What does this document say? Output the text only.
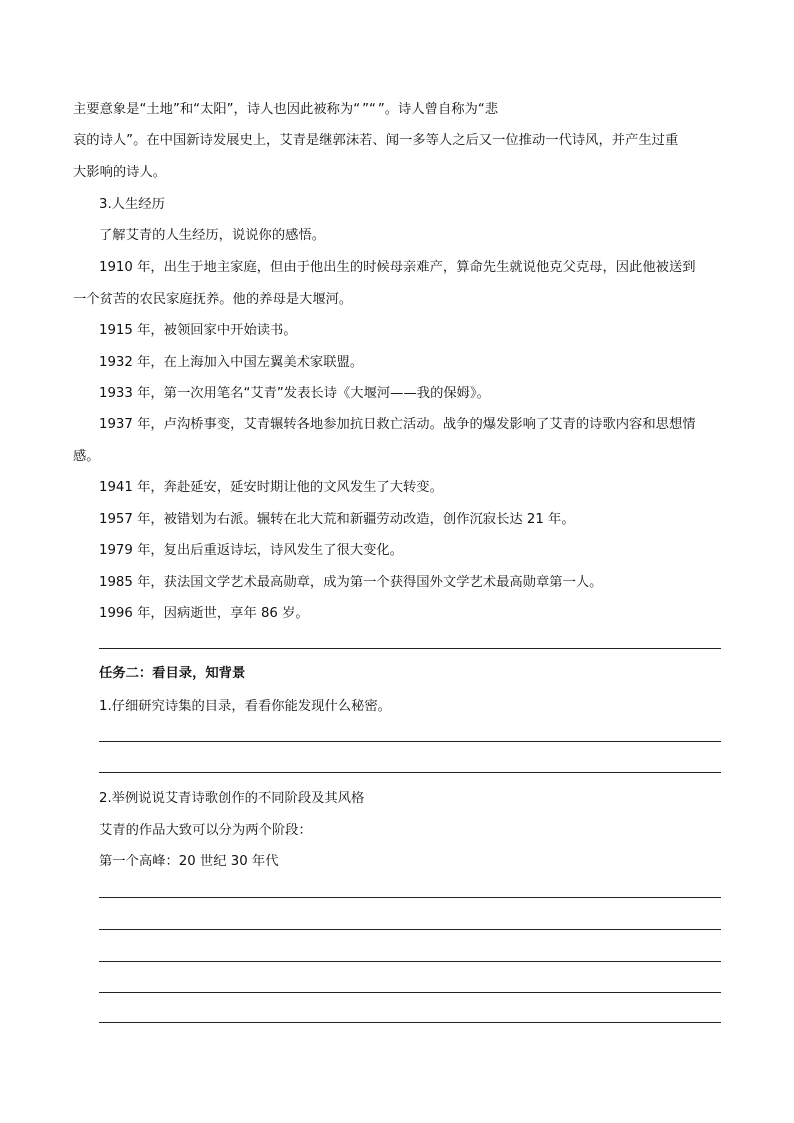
主要意象是“土地”和“太阳”，诗人也因此被称为“ ”“ ”。诗人曾自称为“悲
哀的诗人”。在中国新诗发展史上，艾青是继郭沫若、闻一多等人之后又一位推动一代诗风，并产生过重
大影响的诗人。
3.人生经历
了解艾青的人生经历，说说你的感悟。
1910 年，出生于地主家庭，但由于他出生的时候母亲难产，算命先生就说他克父克母，因此他被送到
一个贫苦的农民家庭抚养。他的养母是大堰河。
1915 年，被领回家中开始读书。
1932 年，在上海加入中国左翼美术家联盟。
1933 年，第一次用笔名“艾青”发表长诗《大堰河——我的保姆》。
1937 年，卢沟桥事变，艾青辗转各地参加抗日救亡活动。战争的爆发影响了艾青的诗歌内容和思想情
感。
1941 年，奔赴延安，延安时期让他的文风发生了大转变。
1957 年，被错划为右派。辗转在北大荒和新疆劳动改造，创作沉寂长达 21 年。
1979 年，复出后重返诗坛，诗风发生了很大变化。
1985 年，获法国文学艺术最高勋章，成为第一个获得国外文学艺术最高勋章第一人。
1996 年，因病逝世，享年 86 岁。
任务二：看目录，知背景
1.仔细研究诗集的目录，看看你能发现什么秘密。
2.举例说说艾青诗歌创作的不同阶段及其风格
艾青的作品大致可以分为两个阶段：
第一个高峰：20 世纪 30 年代
